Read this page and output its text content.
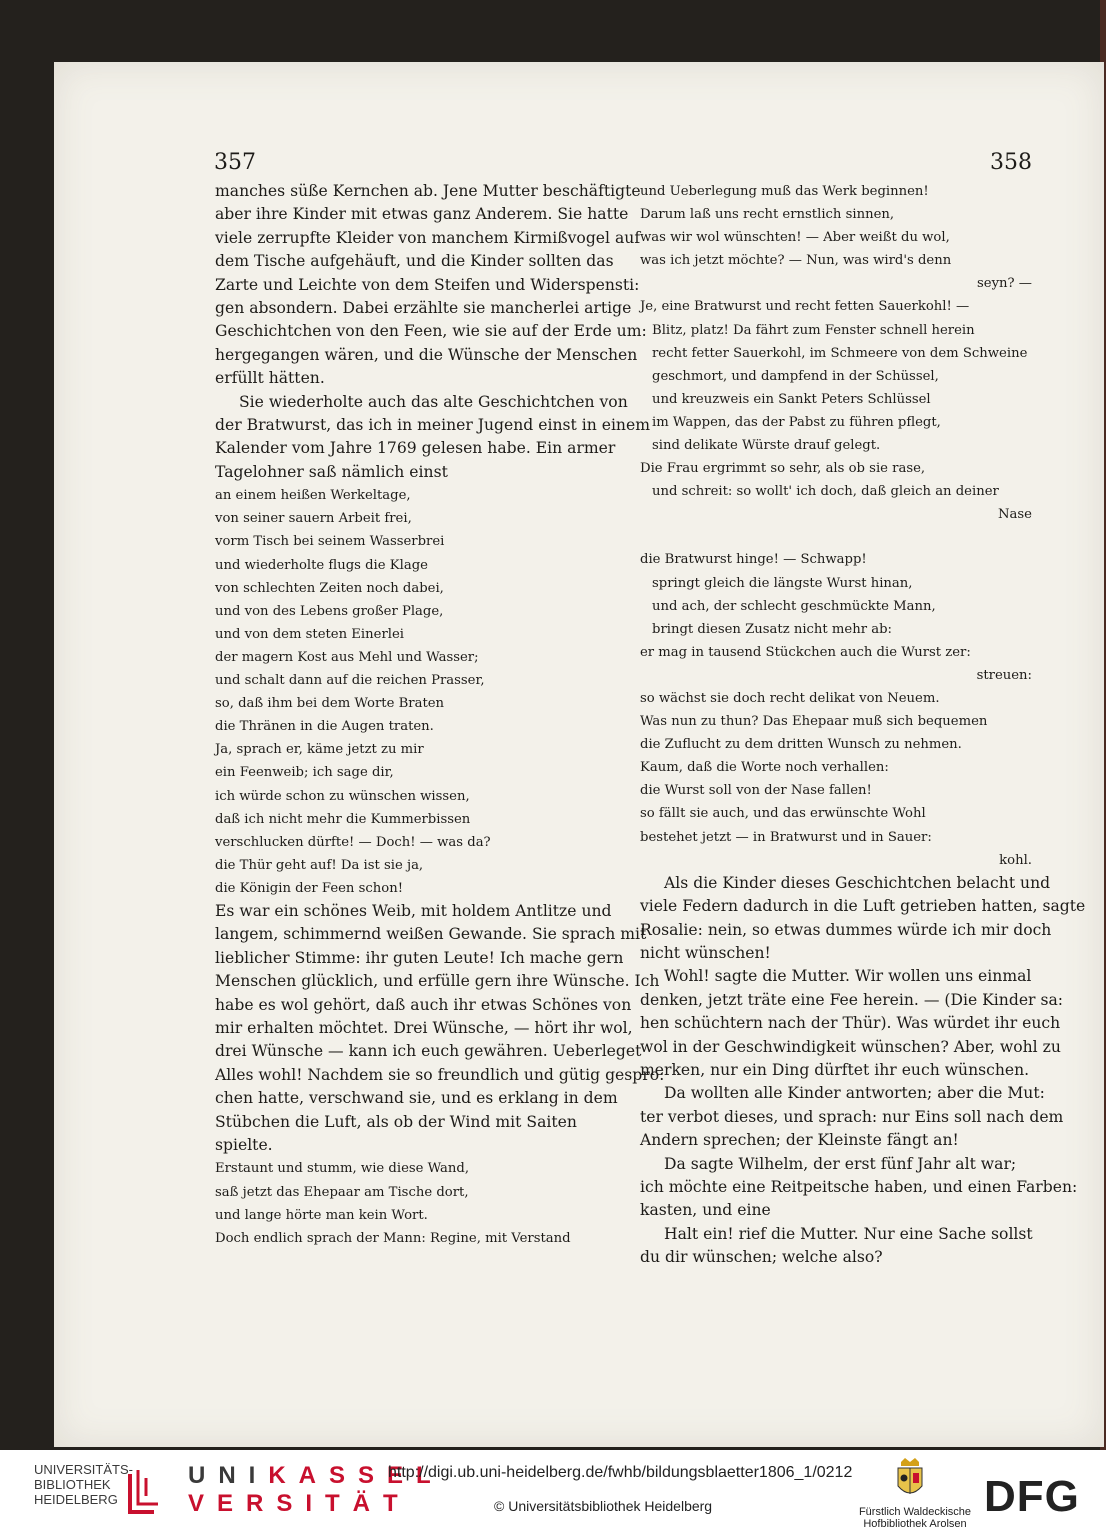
357	358
manches süße Kernchen ab. Jene Mutter beschäftigte
aber ihre Kinder mit etwas ganz Anderem. Sie hatte
viele zerrupfte Kleider von manchem Kirmißvogel auf
dem Tische aufgehäuft, und die Kinder sollten das
Zarte und Leichte von dem Steifen und Widerspensti:
gen absondern. Dabei erzählte sie mancherlei artige
Geschichtchen von den Feen, wie sie auf der Erde um:
hergegangen wären, und die Wünsche der Menschen
erfüllt hätten.
Sie wiederholte auch das alte Geschichtchen von
der Bratwurst, das ich in meiner Jugend einst in einem
Kalender vom Jahre 1769 gelesen habe. Ein armer
Tagelohner saß nämlich einst
an einem heißen Werkeltage,
von seiner sauern Arbeit frei,
vorm Tisch bei seinem Wasserbrei
und wiederholte flugs die Klage
von schlechten Zeiten noch dabei,
und von des Lebens großer Plage,
und von dem steten Einerlei
der magern Kost aus Mehl und Wasser;
und schalt dann auf die reichen Prasser,
so, daß ihm bei dem Worte Braten
die Thränen in die Augen traten.
Ja, sprach er, käme jetzt zu mir
ein Feenweib; ich sage dir,
ich würde schon zu wünschen wissen,
daß ich nicht mehr die Kummerbissen
verschlucken dürfte! — Doch! — was da?
die Thür geht auf! Da ist sie ja,
die Königin der Feen schon!
Es war ein schönes Weib, mit holdem Antlitze und
langem, schimmernd weißen Gewande. Sie sprach mit
lieblicher Stimme: ihr guten Leute! Ich mache gern
Menschen glücklich, und erfülle gern ihre Wünsche. Ich
habe es wol gehört, daß auch ihr etwas Schönes von
mir erhalten möchtet. Drei Wünsche, — hört ihr wol,
drei Wünsche — kann ich euch gewähren. Ueberleget
Alles wohl! Nachdem sie so freundlich und gütig gespro:
chen hatte, verschwand sie, und es erklang in dem
Stübchen die Luft, als ob der Wind mit Saiten
spielte.
Erstaunt und stumm, wie diese Wand,
saß jetzt das Ehepaar am Tische dort,
und lange hörte man kein Wort.
Doch endlich sprach der Mann: Regine, mit Verstand
und Ueberlegung muß das Werk beginnen!
Darum laß uns recht ernstlich sinnen,
was wir wol wünschten! — Aber weißt du wol,
was ich jetzt möchte? — Nun, was wird's denn
seyn? —
Je, eine Bratwurst und recht fetten Sauerkohl! —
Blitz, platz! Da fährt zum Fenster schnell herein
recht fetter Sauerkohl, im Schmeere von dem Schweine
geschmort, und dampfend in der Schüssel,
und kreuzweis ein Sankt Peters Schlüssel
im Wappen, das der Pabst zu führen pflegt,
sind delikate Würste drauf gelegt.
Die Frau ergrimmt so sehr, als ob sie rase,
und schreit: so wollt' ich doch, daß gleich an deiner
Nase
die Bratwurst hinge! — Schwapp!
springt gleich die längste Wurst hinan,
und ach, der schlecht geschmückte Mann,
bringt diesen Zusatz nicht mehr ab:
er mag in tausend Stückchen auch die Wurst zer:
streuen:
so wächst sie doch recht delikat von Neuem.
Was nun zu thun? Das Ehepaar muß sich bequemen
die Zuflucht zu dem dritten Wunsch zu nehmen.
Kaum, daß die Worte noch verhallen:
die Wurst soll von der Nase fallen!
so fällt sie auch, und das erwünschte Wohl
bestehet jetzt — in Bratwurst und in Sauer:
kohl.
Als die Kinder dieses Geschichtchen belacht und
viele Federn dadurch in die Luft getrieben hatten, sagte
Rosalie: nein, so etwas dummes würde ich mir doch
nicht wünschen!
Wohl! sagte die Mutter. Wir wollen uns einmal
denken, jetzt träte eine Fee herein. — (Die Kinder sa:
hen schüchtern nach der Thür). Was würdet ihr euch
wol in der Geschwindigkeit wünschen? Aber, wohl zu
merken, nur ein Ding dürftet ihr euch wünschen.
Da wollten alle Kinder antworten; aber die Mut:
ter verbot dieses, und sprach: nur Eins soll nach dem
Andern sprechen; der Kleinste fängt an!
Da sagte Wilhelm, der erst fünf Jahr alt war;
ich möchte eine Reitpeitsche haben, und einen Farben:
kasten, und eine
Halt ein! rief die Mutter. Nur eine Sache sollst
du dir wünschen; welche also?
UNIVERSITÄTS-
BIBLIOTHEK
HEIDELBERG
UNIKASSEL
VERSITÄT
http://digi.ub.uni-heidelberg.de/fwhb/bildungsblaetter1806_1/0212
© Universitätsbibliothek Heidelberg	Fürstlich Waldeckische
Hofbibliothek Arolsen
DFG
